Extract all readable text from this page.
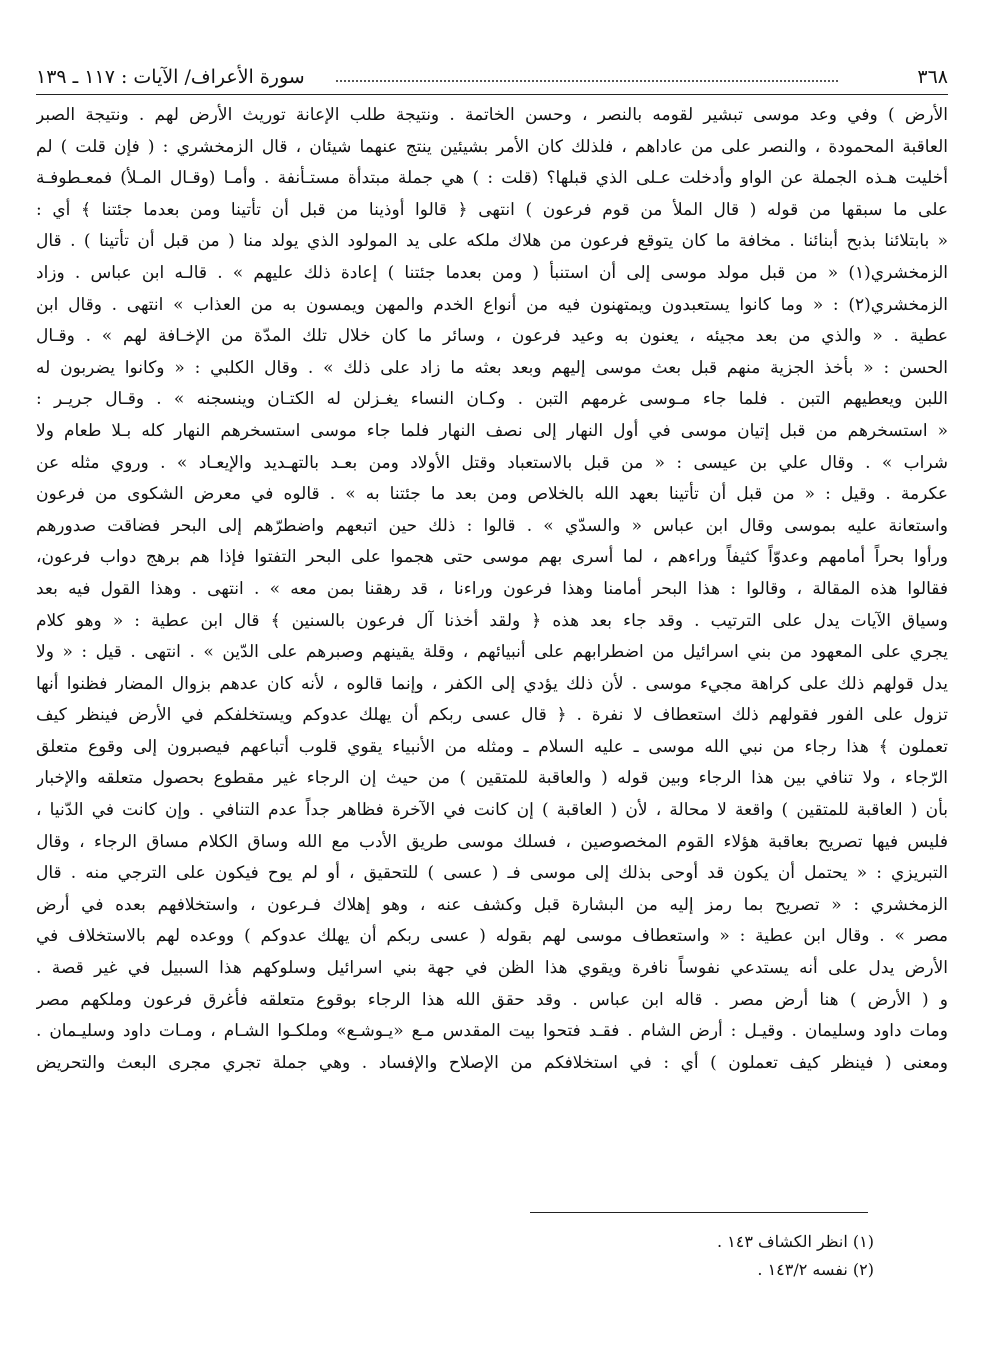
سورة الأعراف/ الآيات : ١١٧ ـ ١٣٩	٣٦٨
الأرض ) وفي وعد موسى تبشير لقومه بالنصر ، وحسن الخاتمة . ونتيجة طلب الإعانة توريث الأرض لهم . ونتيجة الصبر
العاقبة المحمودة ، والنصر على من عاداهم ، فلذلك كان الأمر بشيئين ينتج عنهما شيئان ، قال الزمخشري : ( فإن قلت ) لم
أخليت هـذه الجملة عن الواو وأدخلت عـلى الذي قبلها؟ (قلت : ) هي جملة مبتدأة مستـأنفة . وأمـا (وقـال المـلأ) فمعـطوفـة
على ما سبقها من قوله ( قال الملأ من قوم فرعون ) انتهى ﴿ قالوا أوذينا من قبل أن تأتينا ومن بعدما جئتنا ﴾ أي :
« بابتلائنا بذبح أبنائنا . مخافة ما كان يتوقع فرعون من هلاك ملكه على يد المولود الذي يولد منا ( من قبل أن تأتينا ) . قال
الزمخشري(١) « من قبل مولد موسى إلى أن استنبأ ( ومن بعدما جئتنا ) إعادة ذلك عليهم » . قالـه ابن عباس . وزاد
الزمخشري(٢) : « وما كانوا يستعبدون ويمتهنون فيه من أنواع الخدم والمهن ويمسون به من العذاب » انتهى . وقال ابن
عطية . « والذي من بعد مجيئه ، يعنون به وعيد فرعون ، وسائر ما كان خلال تلك المدّة من الإخـافة لهم » . وقـال
الحسن : « بأخذ الجزية منهم قبل بعث موسى إليهم وبعد بعثه ما زاد على ذلك » . وقال الكلبي : « وكانوا يضربون له
اللبن ويعطيهم التبن . فلما جاء مـوسى غرمهم التبن . وكـان النساء يغـزلن له الكتـان وينسجنه » . وقـال جريـر :
« استسخرهم من قبل إتيان موسى في أول النهار إلى نصف النهار فلما جاء موسى استسخرهم النهار كله بـلا طعام ولا
شراب » . وقال علي بن عيسى : « من قبل بالاستعباد وقتل الأولاد ومن بعـد بالتهـديد والإيعـاد » . وروي مثله عن
عكرمة . وقيل : « من قبل أن تأتينا بعهد الله بالخلاص ومن بعد ما جئتنا به » . قالوه في معرض الشكوى من فرعون
واستعانة عليه بموسى وقال ابن عباس « والسدّي » . قالوا : ذلك حين اتبعهم واضطرّهم إلى البحر فضاقت صدورهم
ورأوا بحراً أمامهم وعدوّاً كثيفاً وراءهم ، لما أسرى بهم موسى حتى هجموا على البحر التفتوا فإذا هم برهج دواب فرعون،
فقالوا هذه المقالة ، وقالوا : هذا البحر أمامنا وهذا فرعون وراءنا ، قد رهقنا بمن معه » . انتهى . وهذا القول فيه بعد
وسياق الآيات يدل على الترتيب . وقد جاء بعد هذه ﴿ ولقد أخذنا آل فرعون بالسنين ﴾ قال ابن عطية : « وهو كلام
يجري على المعهود من بني اسرائيل من اضطرابهم على أنبيائهم ، وقلة يقينهم وصبرهم على الدّين » . انتهى . قيل : « ولا
يدل قولهم ذلك على كراهة مجيء موسى . لأن ذلك يؤدي إلى الكفر ، وإنما قالوه ، لأنه كان عدهم بزوال المضار فظنوا أنها
تزول على الفور فقولهم ذلك استعطاف لا نفرة . ﴿ قال عسى ربكم أن يهلك عدوكم ويستخلفكم في الأرض فينظر كيف
تعملون ﴾ هذا رجاء من نبي الله موسى ـ عليه السلام ـ ومثله من الأنبياء يقوي قلوب أتباعهم فيصبرون إلى وقوع متعلق
الرّجاء ، ولا تنافي بين هذا الرجاء وبين قوله ( والعاقبة للمتقين ) من حيث إن الرجاء غير مقطوع بحصول متعلقه والإخبار
بأن ( العاقبة للمتقين ) واقعة لا محالة ، لأن ( العاقبة ) إن كانت في الآخرة فظاهر جداً عدم التنافي . وإن كانت في الدّنيا ،
فليس فيها تصريح بعاقبة هؤلاء القوم المخصوصين ، فسلك موسى طريق الأدب مع الله وساق الكلام مساق الرجاء ، وقال
التبريزي : « يحتمل أن يكون قد أوحى بذلك إلى موسى فـ ( عسى ) للتحقيق ، أو لم يوح فيكون على الترجي منه . قال
الزمخشري : « تصريح بما رمز إليه من البشارة قبل وكشف عنه ، وهو إهلاك فـرعون ، واستخلافهم بعده في أرض
مصر » . وقال ابن عطية : « واستعطاف موسى لهم بقوله ( عسى ربكم أن يهلك عدوكم ) ووعده لهم بالاستخلاف في
الأرض يدل على أنه يستدعي نفوساً نافرة ويقوي هذا الظن في جهة بني اسرائيل وسلوكهم هذا السبيل في غير قصة .
و ( الأرض ) هنا أرض مصر . قاله ابن عباس . وقد حقق الله هذا الرجاء بوقوع متعلقه فأغرق فرعون وملكهم مصر
ومات داود وسليمان . وقيـل : أرض الشام . فقـد فتحوا بيت المقدس مـع «يـوشـع» وملكـوا الشـام ، ومـات داود وسليـمان .
ومعنى ( فينظر كيف تعملون ) أي : في استخلافكم من الإصلاح والإفساد . وهي جملة تجري مجرى البعث والتحريض
(١) انظر الكشاف ١٤٣ .
(٢) نفسه ١٤٣/٢ .
